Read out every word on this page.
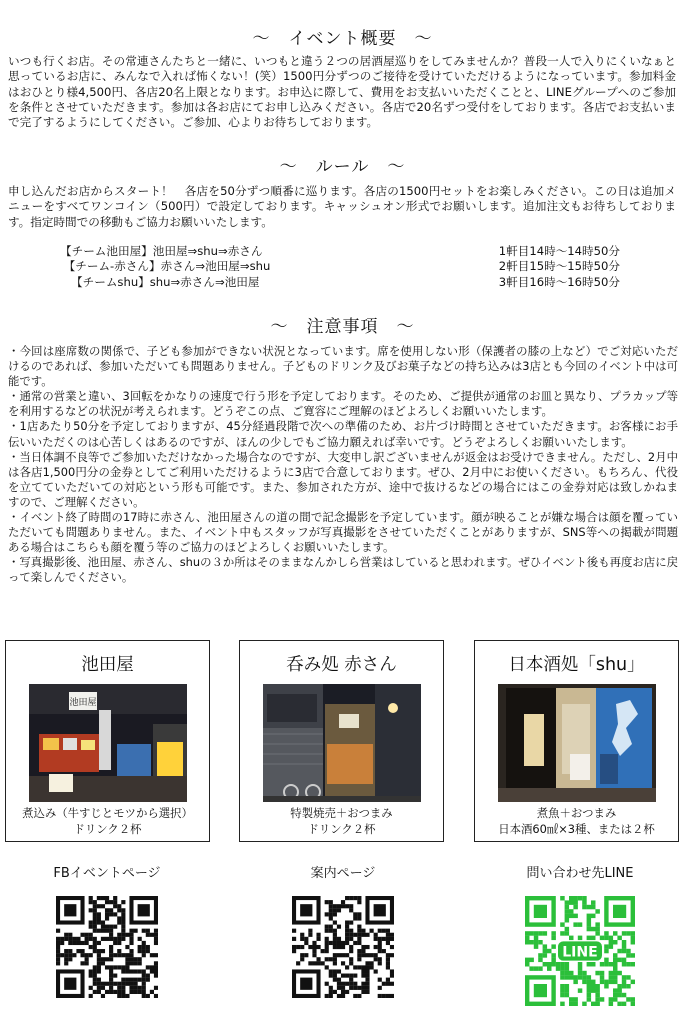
～　イベント概要　～

いつも行くお店。その常連さんたちと一緒に、いつもと違う２つの居酒屋巡りをしてみませんか？普段一人で入りにくいなぁと思っているお店に、みんなで入れば怖くない！(笑）1500円分ずつのご接待を受けていただけるようになっています。参加料金はおひとり様4,500円、各店20名上限となります。お申込に際して、費用をお支払いいただくことと、LINEグループへのご参加を条件とさせていただきます。参加は各お店にてお申し込みください。各店で20名ずつ受付をしております。各店でお支払いまで完了するようにしてください。ご参加、心よりお待ちしております。

～　ルール　～

申し込んだお店からスタート！　各店を50分ずつ順番に巡ります。各店の1500円セットをお楽しみください。この日は追加メニューをすべてワンコイン（500円）で設定しております。キャッシュオン形式でお願いします。追加注文もお待ちしております。指定時間での移動もご協力お願いいたします。

【チーム池田屋】池田屋⇒shu⇒赤さん	1軒目14時～14時50分
【チーム-赤さん】赤さん⇒池田屋⇒shu	2軒目15時～15時50分
【チームshu】shu⇒赤さん⇒池田屋	3軒目16時～16時50分
～　注意事項　～

・今回は座席数の関係で、子ども参加ができない状況となっています。席を使用しない形（保護者の膝の上など）でご対応いただけるのであれば、参加いただいても問題ありません。子どものドリンク及びお菓子などの持ち込みは3店とも今回のイベント中は可能です。

・通常の営業と違い、3回転をかなりの速度で行う形を予定しております。そのため、ご提供が通常のお皿と異なり、プラカップ等を利用するなどの状況が考えられます。どうぞこの点、ご寛容にご理解のほどよろしくお願いいたします。

・1店あたり50分を予定しておりますが、45分経過段階で次への準備のため、お片づけ時間とさせていただきます。お客様にお手伝いいただくのは心苦しくはあるのですが、ほんの少しでもご協力願えれば幸いです。どうぞよろしくお願いいたします。

・当日体調不良等でご参加いただけなかった場合なのですが、大変申し訳ございませんが返金はお受けできません。ただし、2月中は各店1,500円分の金券としてご利用いただけるように3店で合意しております。ぜひ、2月中にお使いください。もちろん、代役を立てていただいての対応という形も可能です。また、参加された方が、途中で抜けるなどの場合にはこの金券対応は致しかねますので、ご理解ください。

・イベント終了時間の17時に赤さん、池田屋さんの道の間で記念撮影を予定しています。顔が映ることが嫌な場合は顔を覆っていただいても問題ありません。また、イベント中もスタッフが写真撮影をさせていただくことがありますが、SNS等への掲載が問題ある場合はこちらも顔を覆う等のご協力のほどよろしくお願いいたします。

・写真撮影後、池田屋、赤さん、shuの３か所はそのままなんかしら営業はしていると思われます。ぜひイベント後も再度お店に戻って楽しんでください。

池田屋
池田屋
煮込み（牛すじとモツから選択）
ドリンク２杯
呑み処 赤さん
特製焼売＋おつまみ
ドリンク２杯
日本酒処「shu」
煮魚＋おつまみ
日本酒60㎖×3種、または２杯
FBイベントページ	案内ページ	問い合わせ先LINE
LINE
